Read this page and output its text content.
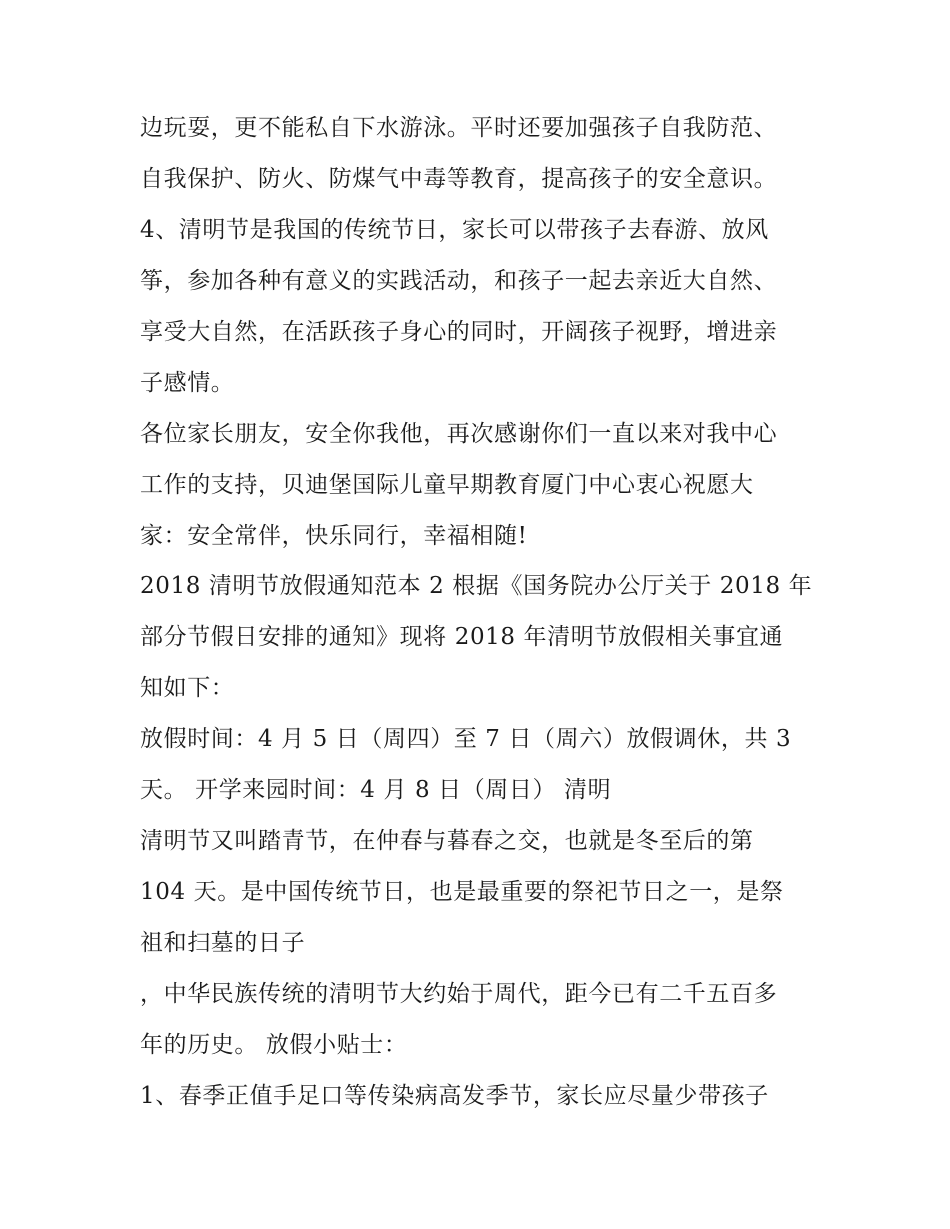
边玩耍，更不能私自下水游泳。平时还要加强孩子自我防范、

自我保护、防火、防煤气中毒等教育，提高孩子的安全意识。

4、清明节是我国的传统节日，家长可以带孩子去春游、放风

筝，参加各种有意义的实践活动，和孩子一起去亲近大自然、

享受大自然，在活跃孩子身心的同时，开阔孩子视野，增进亲

子感情。

各位家长朋友，安全你我他，再次感谢你们一直以来对我中心

工作的支持，贝迪堡国际儿童早期教育厦门中心衷心祝愿大

家：安全常伴，快乐同行，幸福相随!

2018 清明节放假通知范本 2 根据《国务院办公厅关于 2018 年

部分节假日安排的通知》现将 2018 年清明节放假相关事宜通

知如下：

放假时间：4 月 5 日（周四）至 7 日（周六）放假调休，共 3

天。 开学来园时间：4 月 8 日（周日） 清明

清明节又叫踏青节，在仲春与暮春之交，也就是冬至后的第

104 天。是中国传统节日，也是最重要的祭祀节日之一，是祭

祖和扫墓的日子

，中华民族传统的清明节大约始于周代，距今已有二千五百多

年的历史。 放假小贴士：

1、春季正值手足口等传染病高发季节，家长应尽量少带孩子
